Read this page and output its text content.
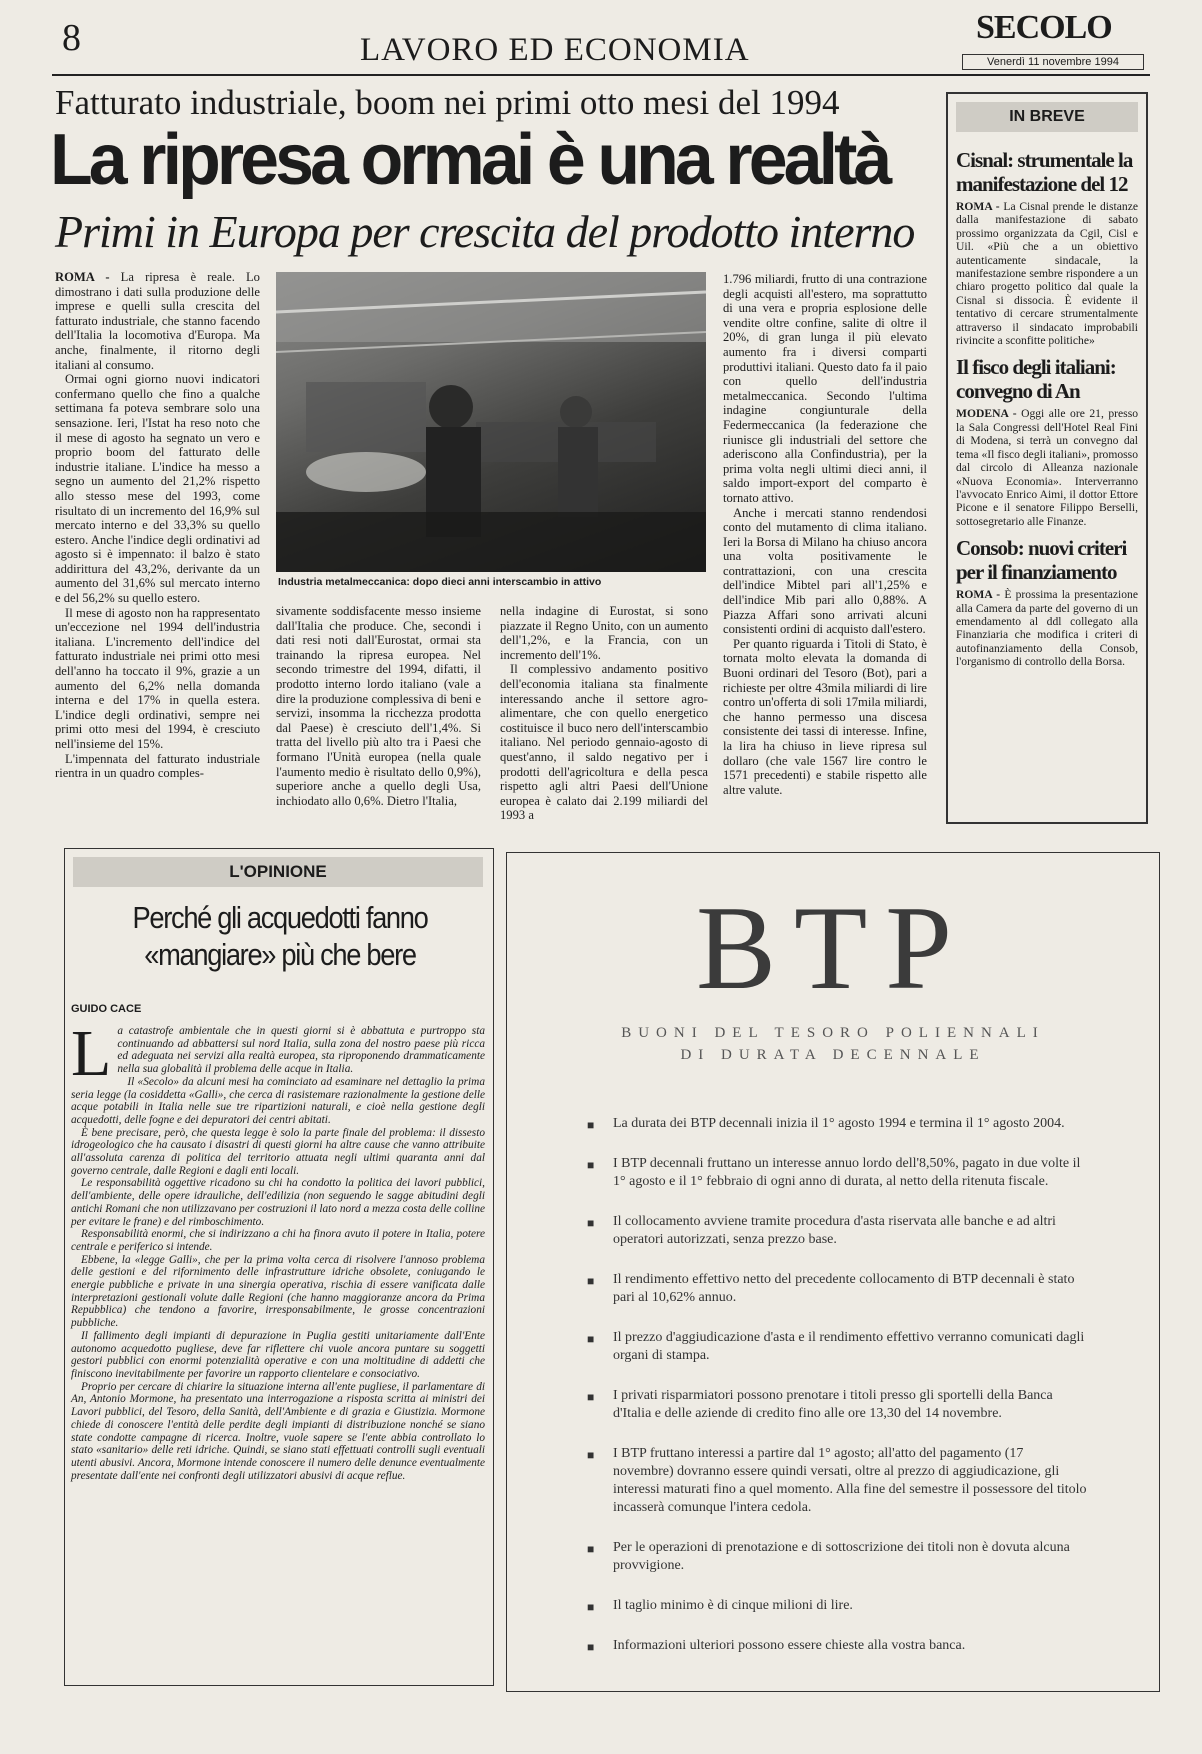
8	LAVORO ED ECONOMIA
SECOLO
Venerdì 11 novembre 1994
Fatturato industriale, boom nei primi otto mesi del 1994
La ripresa ormai è una realtà
Primi in Europa per crescita del prodotto interno

ROMA - La ripresa è reale. Lo dimostrano i dati sulla produzione delle imprese e quelli sulla crescita del fatturato industriale, che stanno facendo dell'Italia la locomotiva d'Europa. Ma anche, finalmente, il ritorno degli italiani al consumo.

Ormai ogni giorno nuovi indicatori confermano quello che fino a qualche settimana fa poteva sembrare solo una sensazione. Ieri, l'Istat ha reso noto che il mese di agosto ha segnato un vero e proprio boom del fatturato delle industrie italiane. L'indice ha messo a segno un aumento del 21,2% rispetto allo stesso mese del 1993, come risultato di un incremento del 16,9% sul mercato interno e del 33,3% su quello estero. Anche l'indice degli ordinativi ad agosto si è impennato: il balzo è stato addirittura del 43,2%, derivante da un aumento del 31,6% sul mercato interno e del 56,2% su quello estero.

Il mese di agosto non ha rappresentato un'eccezione nel 1994 dell'industria italiana. L'incremento dell'indice del fatturato industriale nei primi otto mesi dell'anno ha toccato il 9%, grazie a un aumento del 6,2% nella domanda interna e del 17% in quella estera. L'indice degli ordinativi, sempre nei primi otto mesi del 1994, è cresciuto nell'insieme del 15%.

L'impennata del fatturato industriale rientra in un quadro comples-

Industria metalmeccanica: dopo dieci anni interscambio in attivo

sivamente soddisfacente messo insieme dall'Italia che produce. Che, secondi i dati resi noti dall'Eurostat, ormai sta trainando la ripresa europea. Nel secondo trimestre del 1994, difatti, il prodotto interno lordo italiano (vale a dire la produzione complessiva di beni e servizi, insomma la ricchezza prodotta dal Paese) è cresciuto dell'1,4%. Si tratta del livello più alto tra i Paesi che formano l'Unità europea (nella quale l'aumento medio è risultato dello 0,9%), superiore anche a quello degli Usa, inchiodato allo 0,6%. Dietro l'Italia,

nella indagine di Eurostat, si sono piazzate il Regno Unito, con un aumento dell'1,2%, e la Francia, con un incremento dell'1%.

Il complessivo andamento positivo dell'economia italiana sta finalmente interessando anche il settore agro-alimentare, che con quello energetico costituisce il buco nero dell'interscambio italiano. Nel periodo gennaio-agosto di quest'anno, il saldo negativo per i prodotti dell'agricoltura e della pesca rispetto agli altri Paesi dell'Unione europea è calato dai 2.199 miliardi del 1993 a

1.796 miliardi, frutto di una contrazione degli acquisti all'estero, ma soprattutto di una vera e propria esplosione delle vendite oltre confine, salite di oltre il 20%, di gran lunga il più elevato aumento fra i diversi comparti produttivi italiani. Questo dato fa il paio con quello dell'industria metalmeccanica. Secondo l'ultima indagine congiunturale della Federmeccanica (la federazione che riunisce gli industriali del settore che aderiscono alla Confindustria), per la prima volta negli ultimi dieci anni, il saldo import-export del comparto è tornato attivo.

Anche i mercati stanno rendendosi conto del mutamento di clima italiano. Ieri la Borsa di Milano ha chiuso ancora una volta positivamente le contrattazioni, con una crescita dell'indice Mibtel pari all'1,25% e dell'indice Mib pari allo 0,88%. A Piazza Affari sono arrivati alcuni consistenti ordini di acquisto dall'estero.

Per quanto riguarda i Titoli di Stato, è tornata molto elevata la domanda di Buoni ordinari del Tesoro (Bot), pari a richieste per oltre 43mila miliardi di lire contro un'offerta di soli 17mila miliardi, che hanno permesso una discesa consistente dei tassi di interesse. Infine, la lira ha chiuso in lieve ripresa sul dollaro (che vale 1567 lire contro le 1571 precedenti) e stabile rispetto alle altre valute.

IN BREVE
Cisnal: strumentale la manifestazione del 12
ROMA - La Cisnal prende le distanze dalla manifestazione di sabato prossimo organizzata da Cgil, Cisl e Uil. «Più che a un obiettivo autenticamente sindacale, la manifestazione sembre rispondere a un chiaro progetto politico dal quale la Cisnal si dissocia. È evidente il tentativo di cercare strumentalmente attraverso il sindacato improbabili rivincite a sconfitte politiche»
Il fisco degli italiani: convegno di An
MODENA - Oggi alle ore 21, presso la Sala Congressi dell'Hotel Real Fini di Modena, si terrà un convegno dal tema «Il fisco degli italiani», promosso dal circolo di Alleanza nazionale «Nuova Economia». Interverranno l'avvocato Enrico Aimi, il dottor Ettore Picone e il senatore Filippo Berselli, sottosegretario alle Finanze.
Consob: nuovi criteri per il finanziamento
ROMA - È prossima la presentazione alla Camera da parte del governo di un emendamento al ddl collegato alla Finanziaria che modifica i criteri di autofinanziamento della Consob, l'organismo di controllo della Borsa.
L'OPINIONE
Perché gli acquedotti fanno «mangiare» più che bere
GUIDO CACE
L a catastrofe ambientale che in questi giorni si è abbattuta e purtroppo sta continuando ad abbattersi sul nord Italia, sulla zona del nostro paese più ricca ed adeguata nei servizi alla realtà europea, sta riproponendo drammaticamente nella sua globalità il problema delle acque in Italia.

Il «Secolo» da alcuni mesi ha cominciato ad esaminare nel dettaglio la prima seria legge (la cosiddetta «Galli», che cerca di rasistemare razionalmente la gestione delle acque potabili in Italia nelle sue tre ripartizioni naturali, e cioè nella gestione degli acquedotti, delle fogne e dei depuratori dei centri abitati.

È bene precisare, però, che questa legge è solo la parte finale del problema: il dissesto idrogeologico che ha causato i disastri di questi giorni ha altre cause che vanno attribuite all'assoluta carenza di politica del territorio attuata negli ultimi quaranta anni dal governo centrale, dalle Regioni e dagli enti locali.

Le responsabilità oggettive ricadono su chi ha condotto la politica dei lavori pubblici, dell'ambiente, delle opere idrauliche, dell'edilizia (non seguendo le sagge abitudini degli antichi Romani che non utilizzavano per costruzioni il lato nord a mezza costa delle colline per evitare le frane) e del rimboschimento.

Responsabilità enormi, che si indirizzano a chi ha finora avuto il potere in Italia, potere centrale e periferico si intende.

Ebbene, la «legge Galli», che per la prima volta cerca di risolvere l'annoso problema delle gestioni e del rifornimento delle infrastrutture idriche obsolete, coniugando le energie pubbliche e private in una sinergia operativa, rischia di essere vanificata dalle interpretazioni gestionali volute dalle Regioni (che hanno maggioranze ancora da Prima Repubblica) che tendono a favorire, irresponsabilmente, le grosse concentrazioni pubbliche.

Il fallimento degli impianti di depurazione in Puglia gestiti unitariamente dall'Ente autonomo acquedotto pugliese, deve far riflettere chi vuole ancora puntare su soggetti gestori pubblici con enormi potenzialità operative e con una moltitudine di addetti che finiscono inevitabilmente per favorire un rapporto clientelare e consociativo.

Proprio per cercare di chiarire la situazione interna all'ente pugliese, il parlamentare di An, Antonio Mormone, ha presentato una interrogazione a risposta scritta ai ministri dei Lavori pubblici, del Tesoro, della Sanità, dell'Ambiente e di grazia e Giustizia. Mormone chiede di conoscere l'entità delle perdite degli impianti di distribuzione nonché se siano state condotte campagne di ricerca. Inoltre, vuole sapere se l'ente abbia controllato lo stato «sanitario» delle reti idriche. Quindi, se siano stati effettuati controlli sugli eventuali utenti abusivi. Ancora, Mormone intende conoscere il numero delle denunce eventualmente presentate dall'ente nei confronti degli utilizzatori abusivi di acque reflue.

BTP
BUONI DEL TESORO POLIENNALI
DI DURATA DECENNALE
■ La durata dei BTP decennali inizia il 1° agosto 1994 e termina il 1° agosto 2004.
■ I BTP decennali fruttano un interesse annuo lordo dell'8,50%, pagato in due volte il 1° agosto e il 1° febbraio di ogni anno di durata, al netto della ritenuta fiscale.
■ Il collocamento avviene tramite procedura d'asta riservata alle banche e ad altri operatori autorizzati, senza prezzo base.
■ Il rendimento effettivo netto del precedente collocamento di BTP decennali è stato pari al 10,62% annuo.
■ Il prezzo d'aggiudicazione d'asta e il rendimento effettivo verranno comunicati dagli organi di stampa.
■ I privati risparmiatori possono prenotare i titoli presso gli sportelli della Banca d'Italia e delle aziende di credito fino alle ore 13,30 del 14 novembre.
■ I BTP fruttano interessi a partire dal 1° agosto; all'atto del pagamento (17 novembre) dovranno essere quindi versati, oltre al prezzo di aggiudicazione, gli interessi maturati fino a quel momento. Alla fine del semestre il possessore del titolo incasserà comunque l'intera cedola.
■ Per le operazioni di prenotazione e di sottoscrizione dei titoli non è dovuta alcuna provvigione.
■ Il taglio minimo è di cinque milioni di lire.
■ Informazioni ulteriori possono essere chieste alla vostra banca.
